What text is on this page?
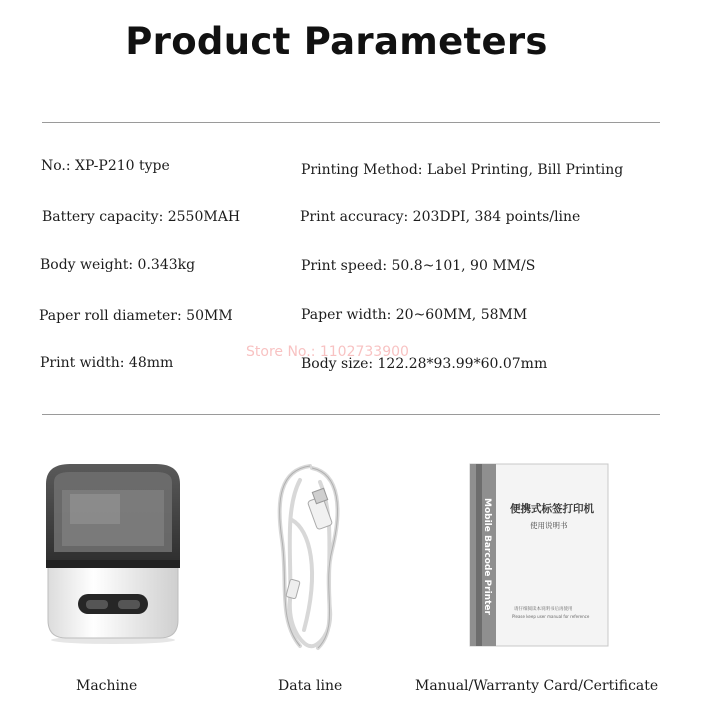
Product Parameters
No.: XP-P210 type	Printing Method: Label Printing, Bill Printing
Battery capacity: 2550MAH	Print accuracy: 203DPI, 384 points/line
Body weight: 0.343kg	Print speed: 50.8~101, 90 MM/S
Paper roll diameter: 50MM	Paper width: 20~60MM, 58MM
Print width: 48mm	Body size: 122.28*93.99*60.07mm
Store No.: 1102733900
Mobile Barcode Printer 便携式标签打印机
使用说明书
请仔细阅读本说明书后再使用
Please keep user manual for reference
Machine	Data line	Manual/Warranty Card/Certificate
